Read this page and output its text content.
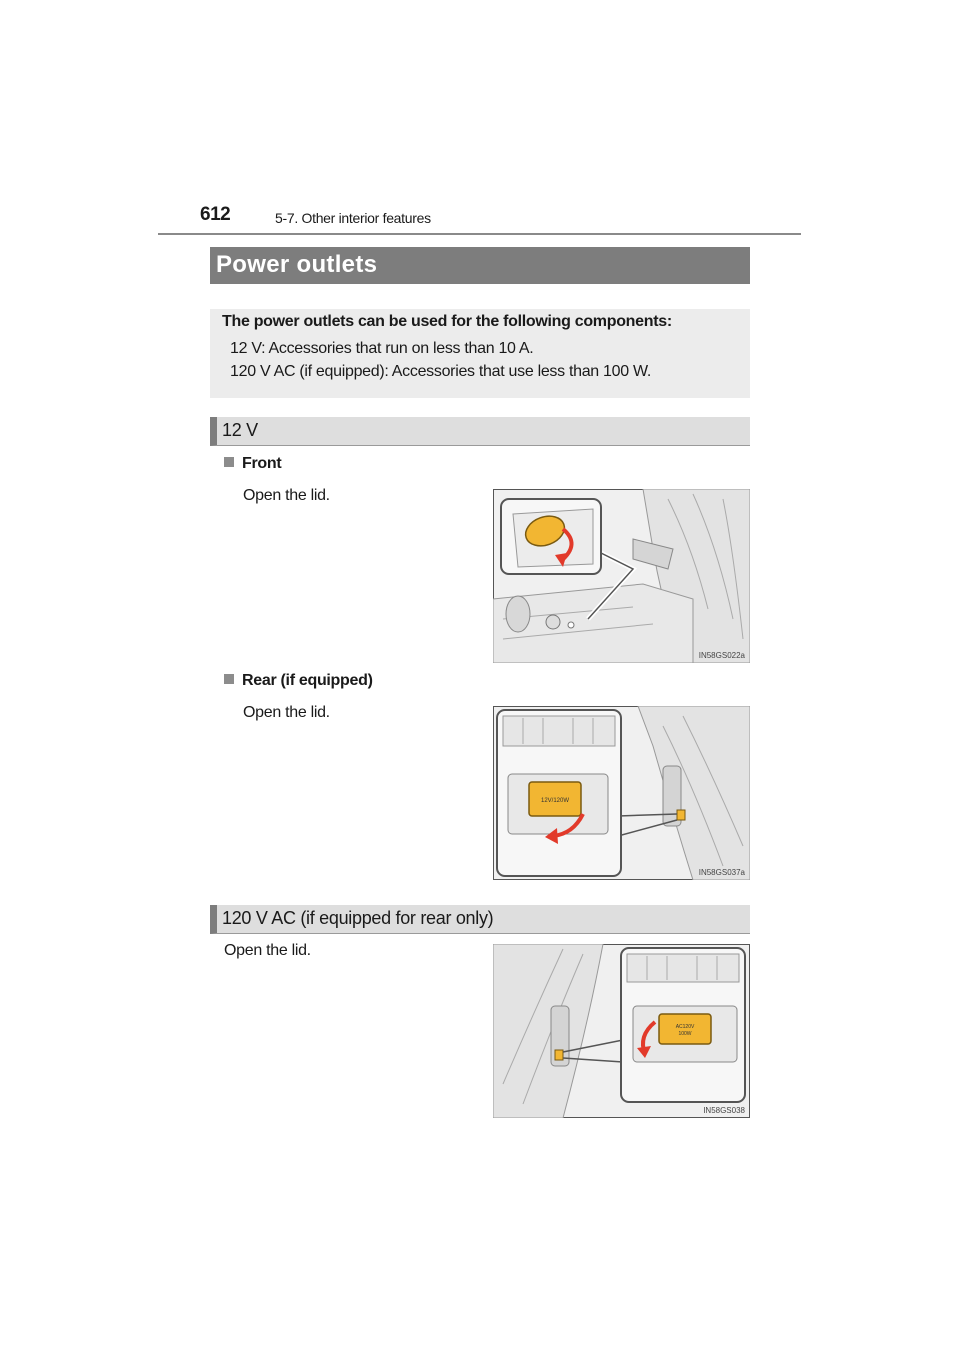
612	5-7. Other interior features
Power outlets

The power outlets can be used for the following components:

12 V: Accessories that run on less than 10 A.

120 V AC (if equipped): Accessories that use less than 100 W.

12 V
Front
Open the lid.
IN58GS022a
Rear (if equipped)
Open the lid.
12V/120W
IN58GS037a
120 V AC (if equipped for rear only)
Open the lid.
AC120V
100W
IN58GS038
